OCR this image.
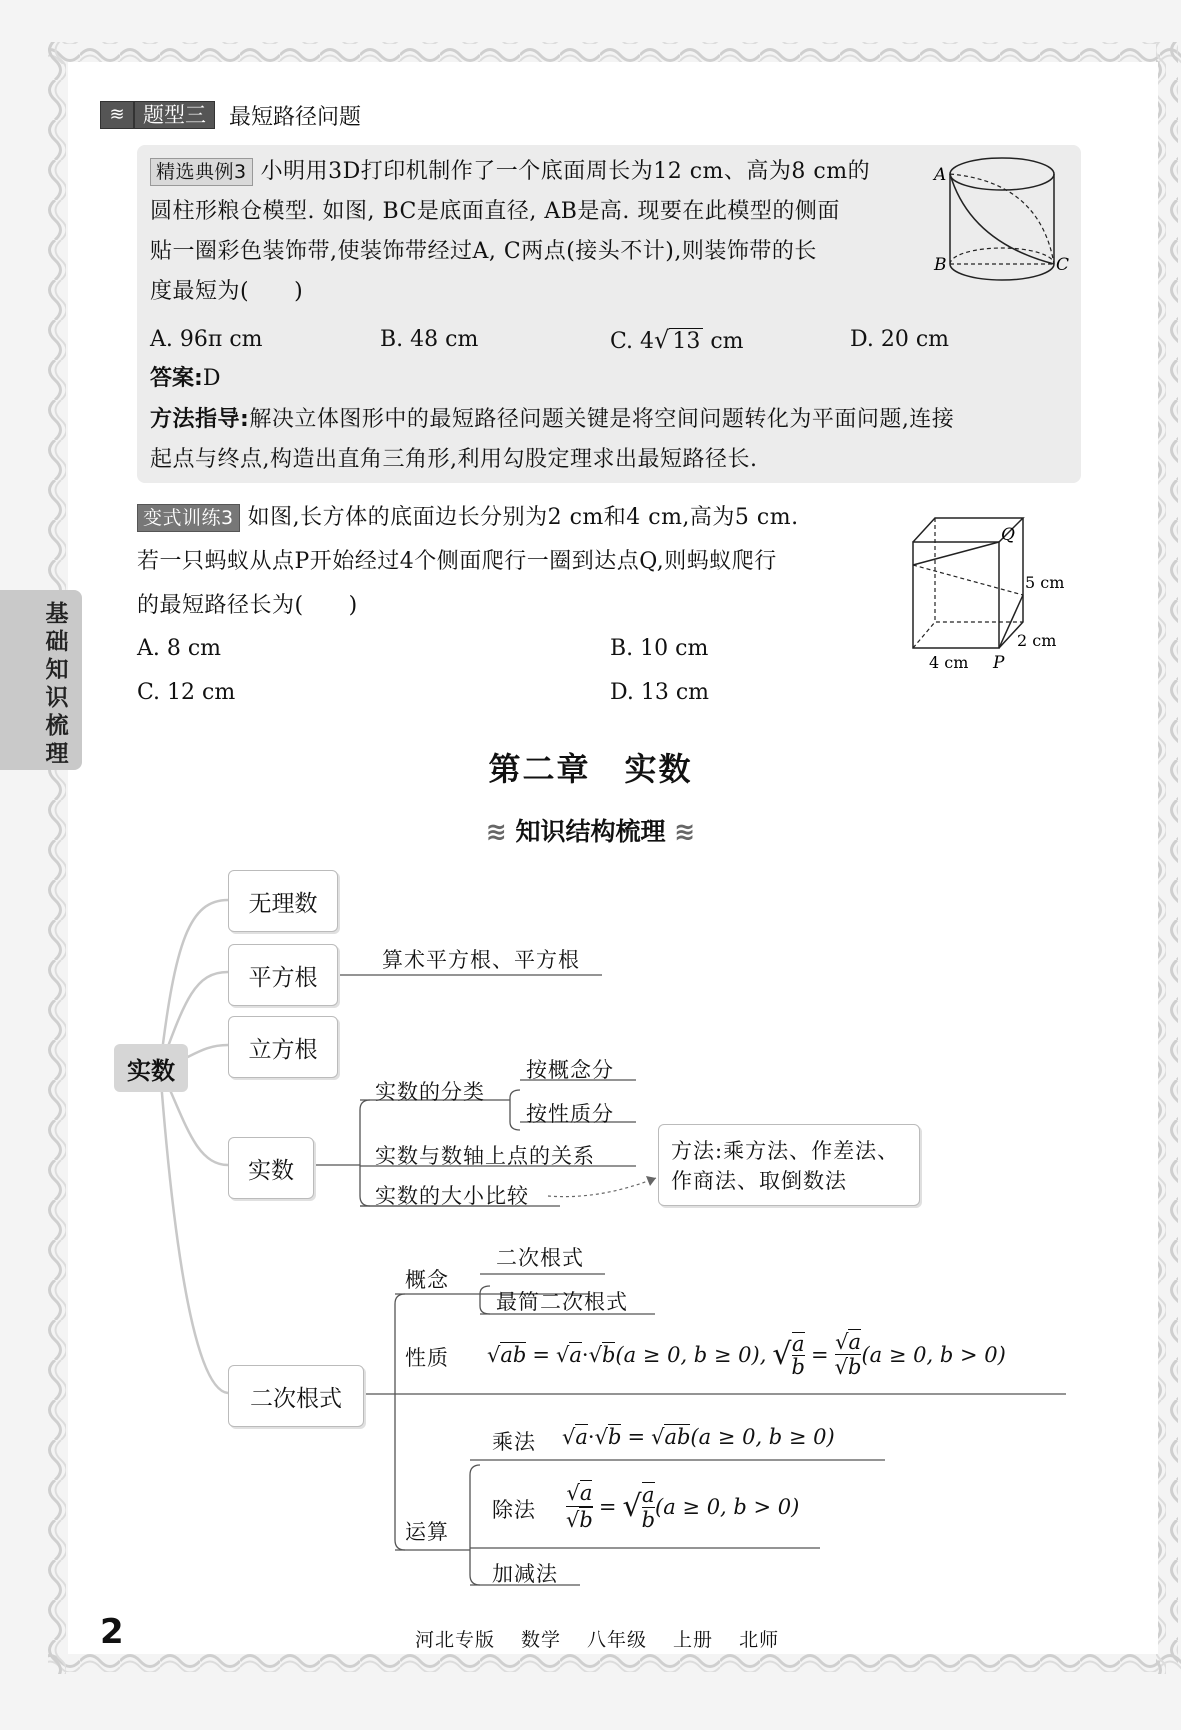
≋ 题型三	最短路径问题
精选典例3 小明用3D打印机制作了一个底面周长为12 cm、高为8 cm的
圆柱形粮仓模型. 如图, BC是底面直径, AB是高. 现要在此模型的侧面
贴一圈彩色装饰带,使装饰带经过A, C两点(接头不计),则装饰带的长
度最短为(　　)
A
B	C
A. 96π cm	B. 48 cm	C. 4√ 13 cm	D. 20 cm
答案:D
方法指导:解决立体图形中的最短路径问题关键是将空间问题转化为平面问题,连接
起点与终点,构造出直角三角形,利用勾股定理求出最短路径长.
变式训练3 如图,长方体的底面边长分别为2 cm和4 cm,高为5 cm.
若一只蚂蚁从点P开始经过4个侧面爬行一圈到达点Q,则蚂蚁爬行
的最短路径长为(　　)
Q
5 cm
2 cm
4 cm P
A. 8 cm	B. 10 cm
C. 12 cm	D. 13 cm
基础知识梳理	第二章　实数
≋ 知识结构梳理 ≋
实数
无理数
平方根
算术平方根、平方根
立方根
实数
实数的分类
按概念分
按性质分
实数与数轴上点的关系
实数的大小比较
方法:乘方法、作差法、
作商法、取倒数法
二次根式
概念
二次根式
最简二次根式
性质 √ ab = √ a · √ b (a ≥ 0, b ≥ 0), √ $\frac{a}{b} = \frac{√a}{√b} (a \ge 0$, b > 0)
运算
乘法 √ a · √ b = √ ab (a ≥ 0, b ≥ 0)
除法 $\frac{√a}{√b}$ = √ a
b
(a ≥ 0, b > 0)
加减法
2	河北专版 数学 八年级 上册 北师
